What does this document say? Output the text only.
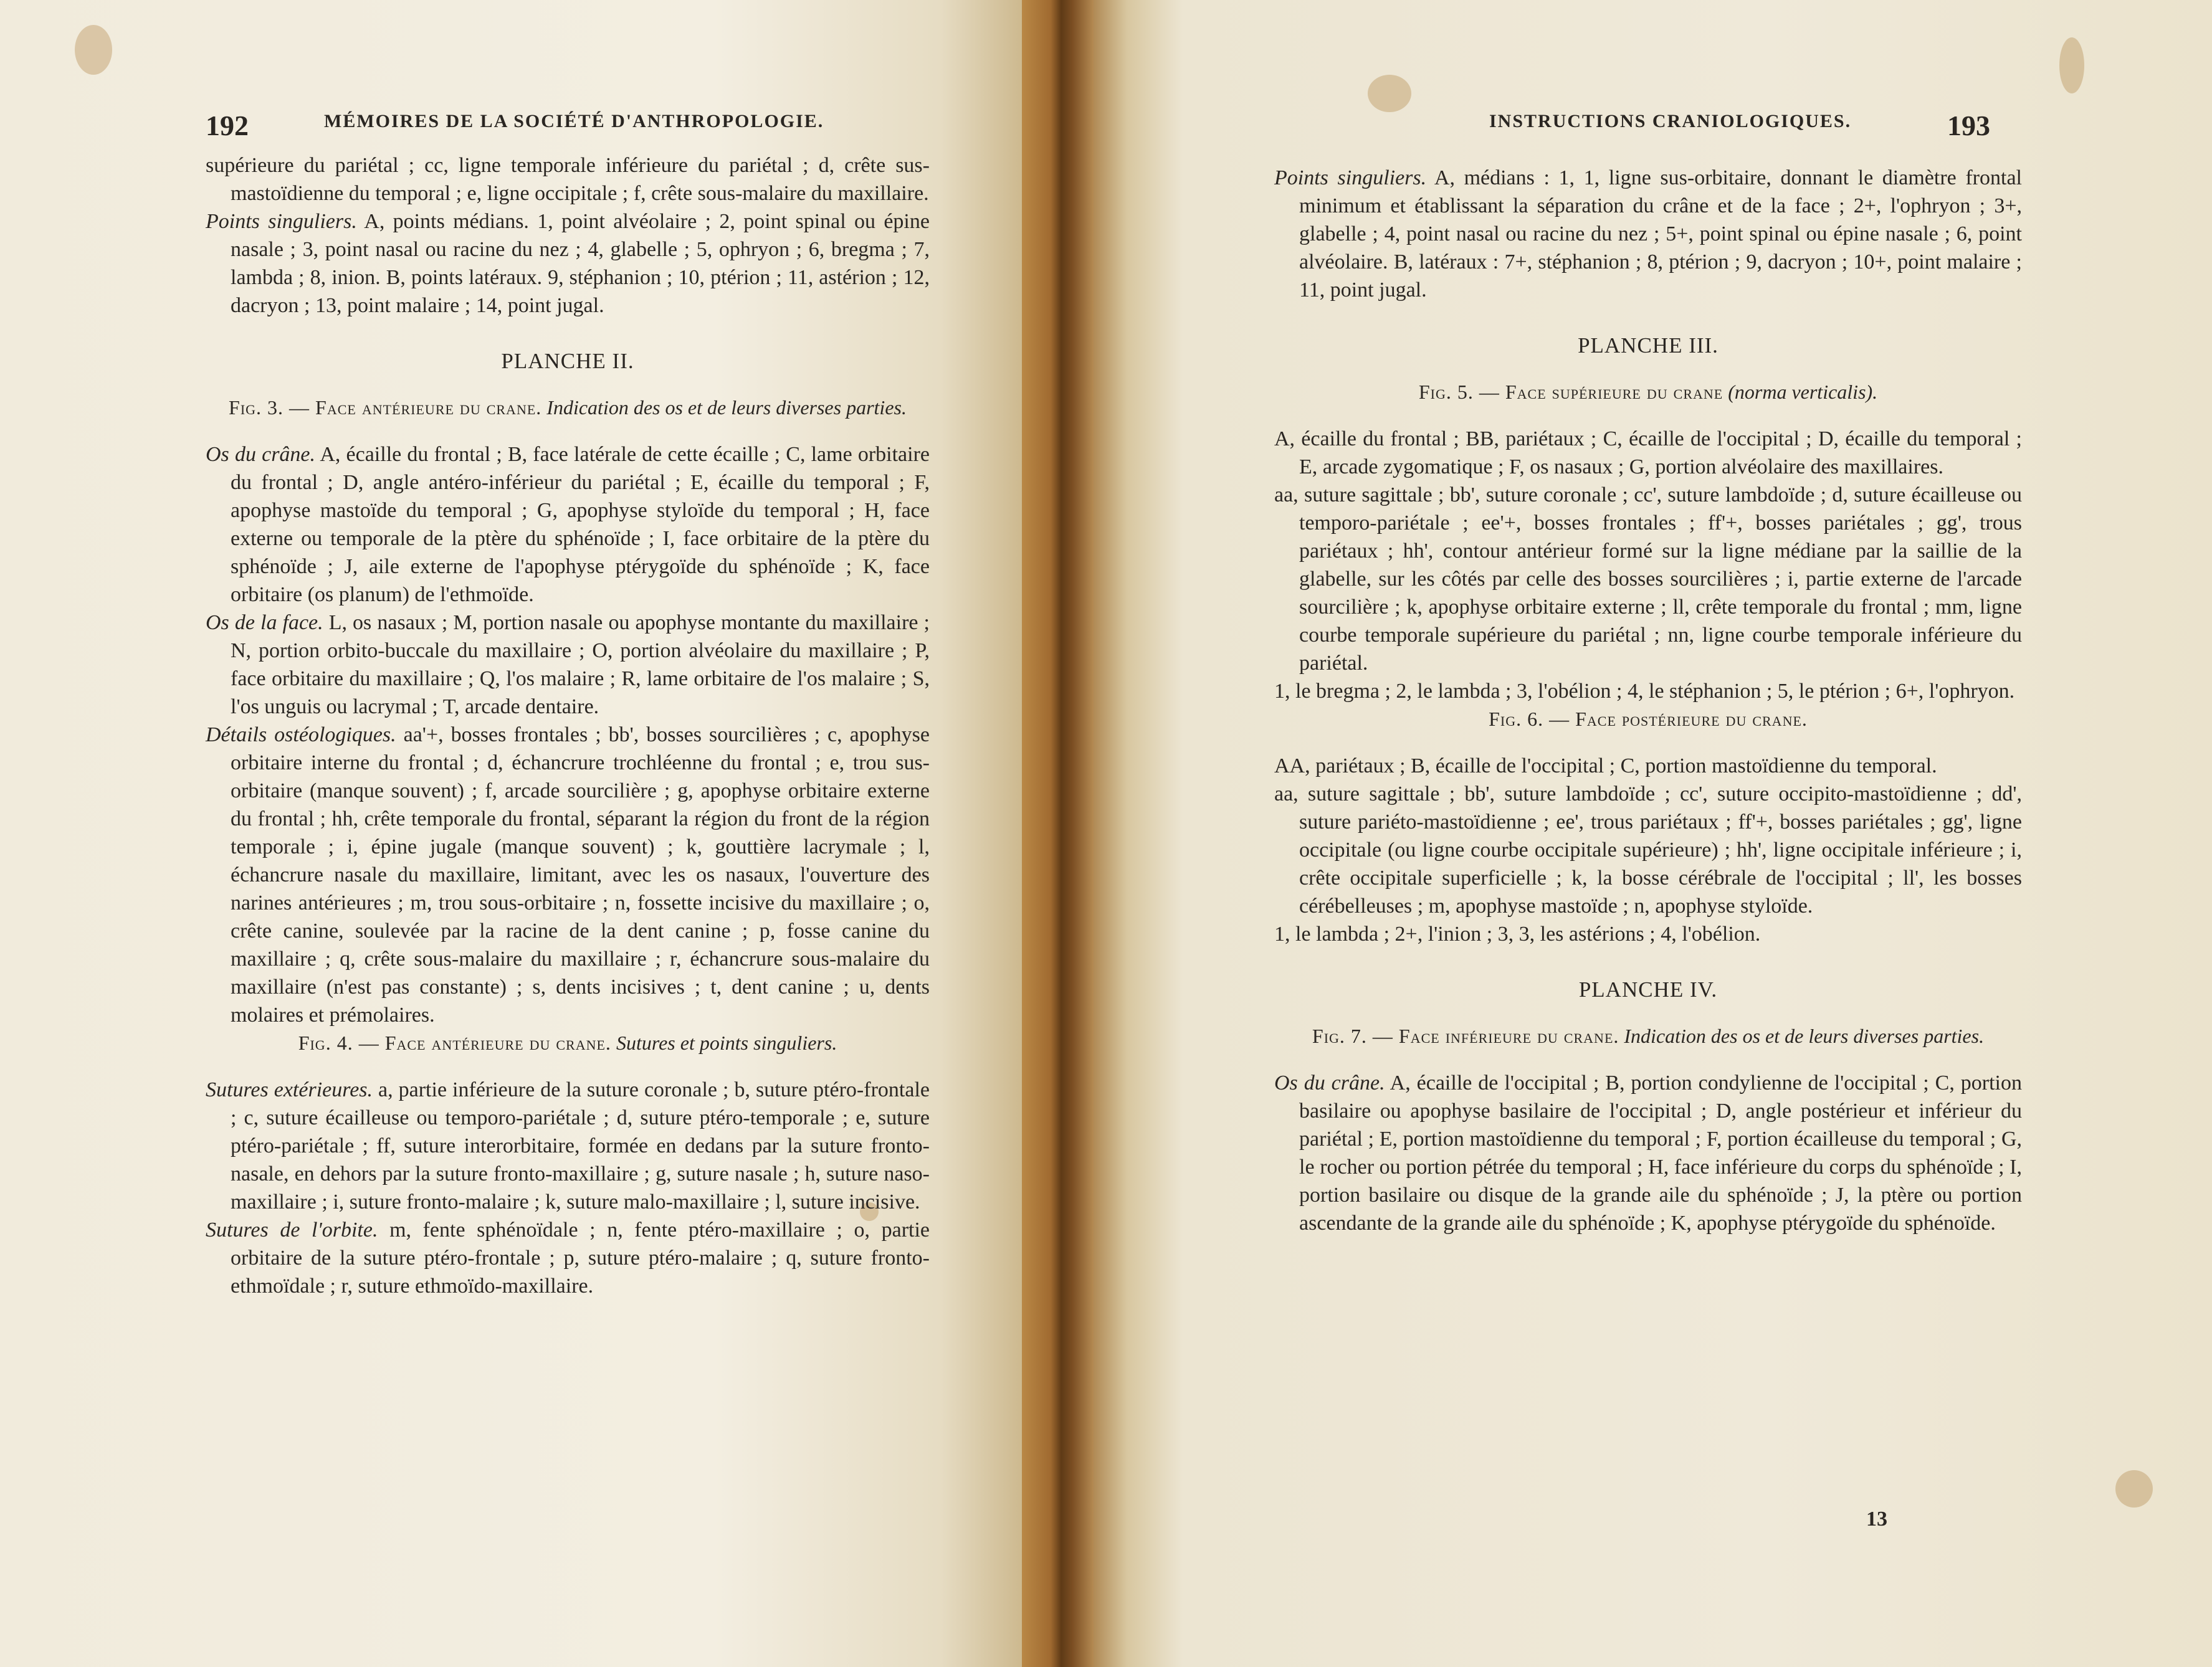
192	MÉMOIRES DE LA SOCIÉTÉ D'ANTHROPOLOGIE.

supérieure du pariétal ; cc, ligne temporale inférieure du pariétal ; d, crête sus-mastoïdienne du temporal ; e, ligne occipitale ; f, crête sous-malaire du maxillaire.

Points singuliers. A, points médians. 1, point alvéolaire ; 2, point spinal ou épine nasale ; 3, point nasal ou racine du nez ; 4, glabelle ; 5, ophryon ; 6, bregma ; 7, lambda ; 8, inion. B, points latéraux. 9, stéphanion ; 10, ptérion ; 11, astérion ; 12, dacryon ; 13, point malaire ; 14, point jugal.

PLANCHE II.

Fig. 3. — Face antérieure du crane. Indication des os et de leurs diverses parties.

Os du crâne. A, écaille du frontal ; B, face latérale de cette écaille ; C, lame orbitaire du frontal ; D, angle antéro-inférieur du pariétal ; E, écaille du temporal ; F, apophyse mastoïde du temporal ; G, apophyse styloïde du temporal ; H, face externe ou temporale de la ptère du sphénoïde ; I, face orbitaire de la ptère du sphénoïde ; J, aile externe de l'apophyse ptérygoïde du sphénoïde ; K, face orbitaire (os planum) de l'ethmoïde.

Os de la face. L, os nasaux ; M, portion nasale ou apophyse montante du maxillaire ; N, portion orbito-buccale du maxillaire ; O, portion alvéolaire du maxillaire ; P, face orbitaire du maxillaire ; Q, l'os malaire ; R, lame orbitaire de l'os malaire ; S, l'os unguis ou lacrymal ; T, arcade dentaire.

Détails ostéologiques. aa'+, bosses frontales ; bb', bosses sourcilières ; c, apophyse orbitaire interne du frontal ; d, échancrure trochléenne du frontal ; e, trou sus-orbitaire (manque souvent) ; f, arcade sourcilière ; g, apophyse orbitaire externe du frontal ; hh, crête temporale du frontal, séparant la région du front de la région temporale ; i, épine jugale (manque souvent) ; k, gouttière lacrymale ; l, échancrure nasale du maxillaire, limitant, avec les os nasaux, l'ouverture des narines antérieures ; m, trou sous-orbitaire ; n, fossette incisive du maxillaire ; o, crête canine, soulevée par la racine de la dent canine ; p, fosse canine du maxillaire ; q, crête sous-malaire du maxillaire ; r, échancrure sous-malaire du maxillaire (n'est pas constante) ; s, dents incisives ; t, dent canine ; u, dents molaires et prémolaires.

Fig. 4. — Face antérieure du crane. Sutures et points singuliers.

Sutures extérieures. a, partie inférieure de la suture coronale ; b, suture ptéro-frontale ; c, suture écailleuse ou temporo-pariétale ; d, suture ptéro-temporale ; e, suture ptéro-pariétale ; ff, suture interorbitaire, formée en dedans par la suture fronto-nasale, en dehors par la suture fronto-maxillaire ; g, suture nasale ; h, suture naso-maxillaire ; i, suture fronto-malaire ; k, suture malo-maxillaire ; l, suture incisive.

Sutures de l'orbite. m, fente sphénoïdale ; n, fente ptéro-maxillaire ; o, partie orbitaire de la suture ptéro-frontale ; p, suture ptéro-malaire ; q, suture fronto-ethmoïdale ; r, suture ethmoïdo-maxillaire.

INSTRUCTIONS CRANIOLOGIQUES.	193

Points singuliers. A, médians : 1, 1, ligne sus-orbitaire, donnant le diamètre frontal minimum et établissant la séparation du crâne et de la face ; 2+, l'ophryon ; 3+, glabelle ; 4, point nasal ou racine du nez ; 5+, point spinal ou épine nasale ; 6, point alvéolaire. B, latéraux : 7+, stéphanion ; 8, ptérion ; 9, dacryon ; 10+, point malaire ; 11, point jugal.

PLANCHE III.

Fig. 5. — Face supérieure du crane (norma verticalis).

A, écaille du frontal ; BB, pariétaux ; C, écaille de l'occipital ; D, écaille du temporal ; E, arcade zygomatique ; F, os nasaux ; G, portion alvéolaire des maxillaires.

aa, suture sagittale ; bb', suture coronale ; cc', suture lambdoïde ; d, suture écailleuse ou temporo-pariétale ; ee'+, bosses frontales ; ff'+, bosses pariétales ; gg', trous pariétaux ; hh', contour antérieur formé sur la ligne médiane par la saillie de la glabelle, sur les côtés par celle des bosses sourcilières ; i, partie externe de l'arcade sourcilière ; k, apophyse orbitaire externe ; ll, crête temporale du frontal ; mm, ligne courbe temporale supérieure du pariétal ; nn, ligne courbe temporale inférieure du pariétal.

1, le bregma ; 2, le lambda ; 3, l'obélion ; 4, le stéphanion ; 5, le ptérion ; 6+, l'ophryon.

Fig. 6. — Face postérieure du crane.

AA, pariétaux ; B, écaille de l'occipital ; C, portion mastoïdienne du temporal.

aa, suture sagittale ; bb', suture lambdoïde ; cc', suture occipito-mastoïdienne ; dd', suture pariéto-mastoïdienne ; ee', trous pariétaux ; ff'+, bosses pariétales ; gg', ligne occipitale (ou ligne courbe occipitale supérieure) ; hh', ligne occipitale inférieure ; i, crête occipitale superficielle ; k, la bosse cérébrale de l'occipital ; ll', les bosses cérébelleuses ; m, apophyse mastoïde ; n, apophyse styloïde.

1, le lambda ; 2+, l'inion ; 3, 3, les astérions ; 4, l'obélion.

PLANCHE IV.

Fig. 7. — Face inférieure du crane. Indication des os et de leurs diverses parties.

Os du crâne. A, écaille de l'occipital ; B, portion condylienne de l'occipital ; C, portion basilaire ou apophyse basilaire de l'occipital ; D, angle postérieur et inférieur du pariétal ; E, portion mastoïdienne du temporal ; F, portion écailleuse du temporal ; G, le rocher ou portion pétrée du temporal ; H, face inférieure du corps du sphénoïde ; I, portion basilaire ou disque de la grande aile du sphénoïde ; J, la ptère ou portion ascendante de la grande aile du sphénoïde ; K, apophyse ptérygoïde du sphénoïde.

13
